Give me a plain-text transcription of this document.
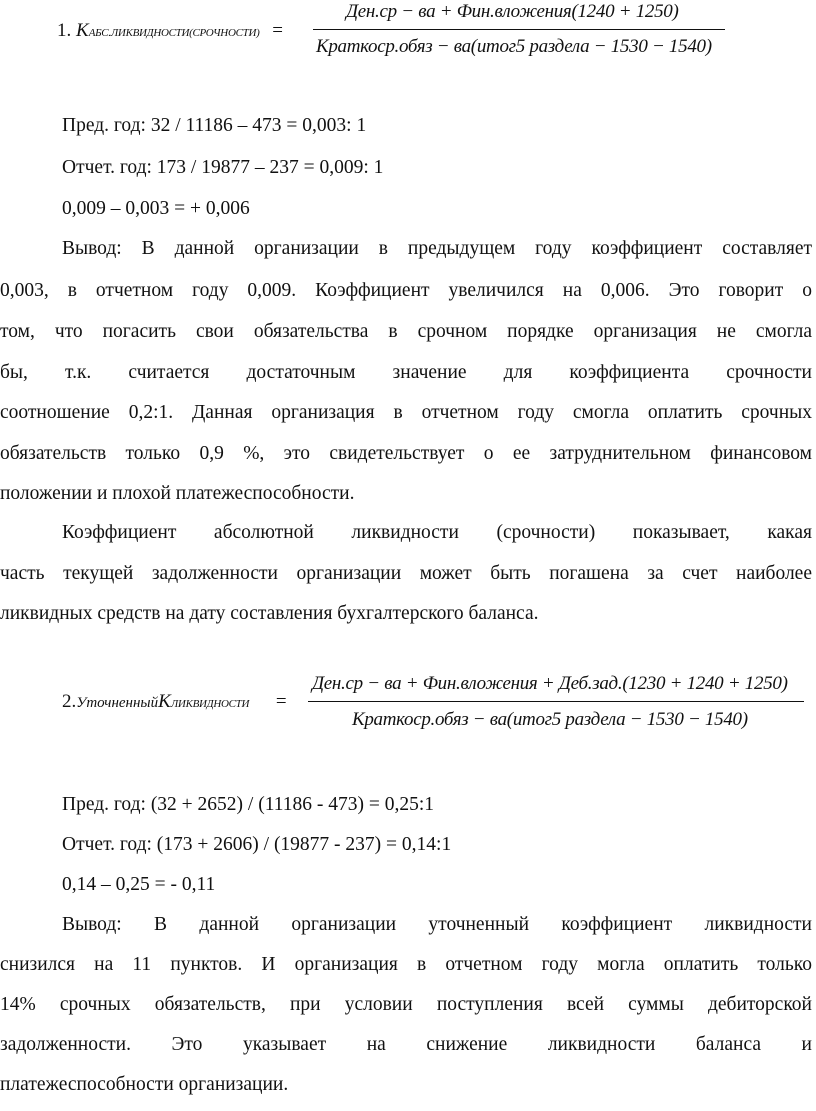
1. KАБС.ЛИКВИДНОСТИ(СРОЧНОСТИ) =
Ден.ср − ва + Фин.вложения(1240 + 1250)
Краткоср.обяз − ва(итог5 раздела − 1530 − 1540)
Пред. год: 32 / 11186 – 473 = 0,003: 1
Отчет. год: 173 / 19877 – 237 = 0,009: 1
0,009 – 0,003 = + 0,006
Вывод: В данной организации в предыдущем году коэффициент составляет
0,003, в отчетном году 0,009. Коэффициент увеличился на 0,006. Это говорит о
том, что погасить свои обязательства в срочном порядке организация не смогла
бы, т.к. считается достаточным значение для коэффициента срочности
соотношение 0,2:1. Данная организация в отчетном году смогла оплатить срочных
обязательств только 0,9 %, это свидетельствует о ее затруднительном финансовом
положении и плохой платежеспособности.
Коэффициент абсолютной ликвидности (срочности) показывает, какая
часть текущей задолженности организации может быть погашена за счет наиболее
ликвидных средств на дату составления бухгалтерского баланса.
2.УточненныйKЛИКВИДНОСТИ =
Ден.ср − ва + Фин.вложения + Деб.зад.(1230 + 1240 + 1250)
Краткоср.обяз − ва(итог5 раздела − 1530 − 1540)
Пред. год: (32 + 2652) / (11186 - 473) = 0,25:1
Отчет. год: (173 + 2606) / (19877 - 237) = 0,14:1
0,14 – 0,25 = - 0,11
Вывод: В данной организации уточненный коэффициент ликвидности
снизился на 11 пунктов. И организация в отчетном году могла оплатить только
14% срочных обязательств, при условии поступления всей суммы дебиторской
задолженности. Это указывает на снижение ликвидности баланса и
платежеспособности организации.
